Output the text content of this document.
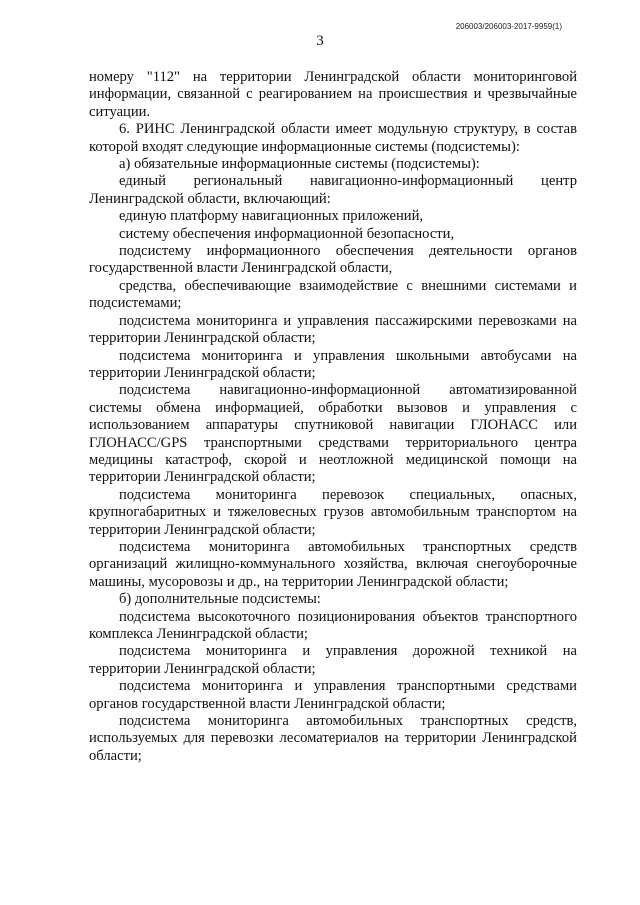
206003/206003-2017-9959(1)
3

номеру "112" на территории Ленинградской области мониторинговой информации, связанной с реагированием на происшествия и чрезвычайные ситуации.

6. РИНС Ленинградской области имеет модульную структуру, в состав которой входят следующие информационные системы (подсистемы):

а) обязательные информационные системы (подсистемы):

единый региональный навигационно-информационный центр Ленинградской области, включающий:

единую платформу навигационных приложений,

систему обеспечения информационной безопасности,

подсистему информационного обеспечения деятельности органов государственной власти Ленинградской области,

средства, обеспечивающие взаимодействие с внешними системами и подсистемами;

подсистема мониторинга и управления пассажирскими перевозками на территории Ленинградской области;

подсистема мониторинга и управления школьными автобусами на территории Ленинградской области;

подсистема навигационно-информационной автоматизированной системы обмена информацией, обработки вызовов и управления с использованием аппаратуры спутниковой навигации ГЛОНАСС или ГЛОНАСС/GPS транспортными средствами территориального центра медицины катастроф, скорой и неотложной медицинской помощи на территории Ленинградской области;

подсистема мониторинга перевозок специальных, опасных, крупногабаритных и тяжеловесных грузов автомобильным транспортом на территории Ленинградской области;

подсистема мониторинга автомобильных транспортных средств организаций жилищно-коммунального хозяйства, включая снегоуборочные машины, мусоровозы и др., на территории Ленинградской области;

б) дополнительные подсистемы:

подсистема высокоточного позиционирования объектов транспортного комплекса Ленинградской области;

подсистема мониторинга и управления дорожной техникой на территории Ленинградской области;

подсистема мониторинга и управления транспортными средствами органов государственной власти Ленинградской области;

подсистема мониторинга автомобильных транспортных средств, используемых для перевозки лесоматериалов на территории Ленинградской области;
